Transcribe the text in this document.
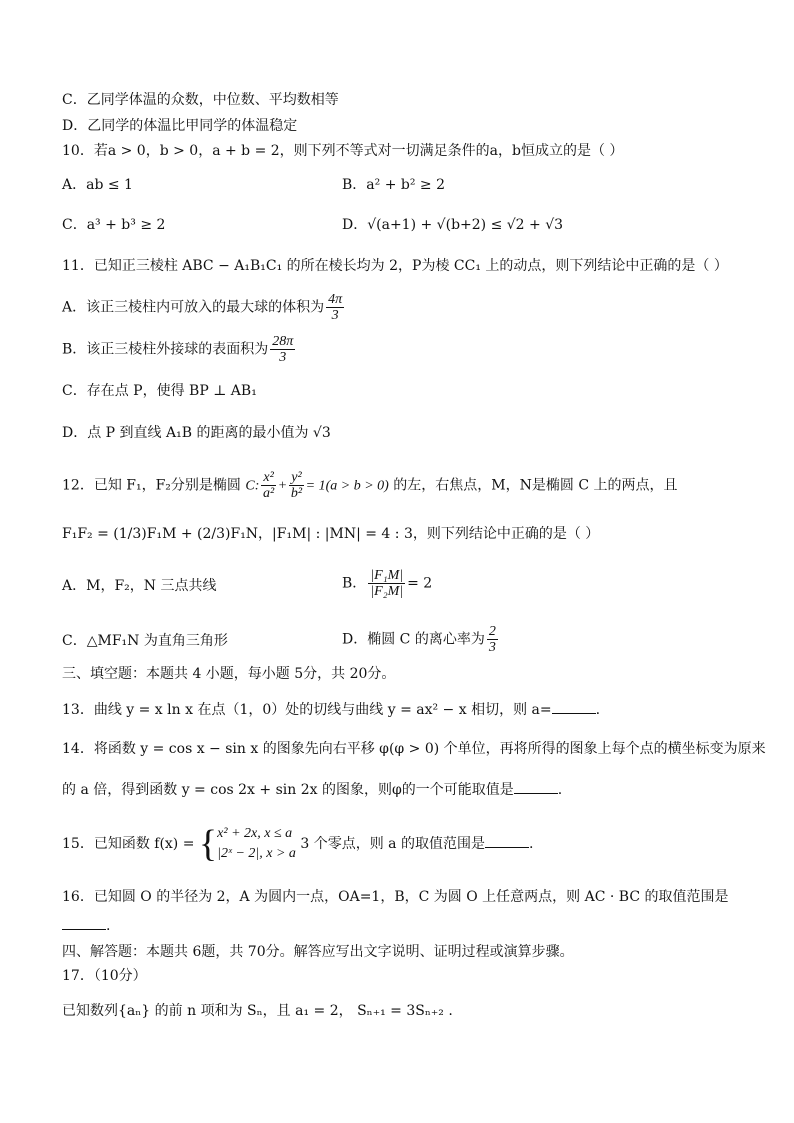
C．乙同学体温的众数，中位数、平均数相等
D．乙同学的体温比甲同学的体温稳定
10．若a > 0，b > 0，a + b = 2，则下列不等式对一切满足条件的a，b恒成立的是（ ）
A．ab ≤ 1	B．a² + b² ≥ 2
C．a³ + b³ ≥ 2	D．√(a+1) + √(b+2) ≤ √2 + √3
11．已知正三棱柱 ABC − A₁B₁C₁ 的所在棱长均为 2，P为棱 CC₁ 上的动点，则下列结论中正确的是（ ）
A．该正三棱柱内可放入的最大球的体积为 $\frac{4\pi}{3}$
B．该正三棱柱外接球的表面积为 $\frac{28\pi}{3}$
C．存在点 P，使得 BP ⊥ AB₁
D．点 P 到直线 A₁B 的距离的最小值为 √3
12．已知 F₁，F₂分别是椭圆 C: $\frac{\text{x²}}{\text{a²}} + \frac{\text{y²}}{\text{b²}} = 1(a > b > 0)$ 的左，右焦点，M，N是椭圆 C 上的两点，且
F₁F₂ = (1/3)F₁M + (2/3)F₁N，|F₁M| : |MN| = 4 : 3，则下列结论中正确的是（ ）
A．M，F₂，N 三点共线	B． $\frac{\text{|F₁M|}}{\text{|F₂M|}} = 2$
C．△MF₁N 为直角三角形	D．椭圆 C 的离心率为 $\frac{2}{3}$
三、填空题：本题共 4 小题，每小题 5分，共 20分。
13．曲线 y = x ln x 在点（1，0）处的切线与曲线 y = ax² − x 相切，则 a=	.
14．将函数 y = cos x − sin x 的图象先向右平移 φ(φ > 0) 个单位，再将所得的图象上每个点的横坐标变为原来
的 a 倍，得到函数 y = cos 2x + sin 2x 的图象，则φ的一个可能取值是	.
15．已知函数 f(x) = { x² + 2x, x ≤ a
|2ˣ − 2|, x > a
3 个零点，则 a 的取值范围是	.
16．已知圆 O 的半径为 2，A 为圆内一点，OA=1，B，C 为圆 O 上任意两点，则 AC · BC 的取值范围是
.
四、解答题：本题共 6题，共 70分。解答应写出文字说明、证明过程或演算步骤。
17．（10分）
已知数列{aₙ} 的前 n 项和为 Sₙ，且 a₁ = 2， Sₙ₊₁ = 3Sₙ₊₂ .
